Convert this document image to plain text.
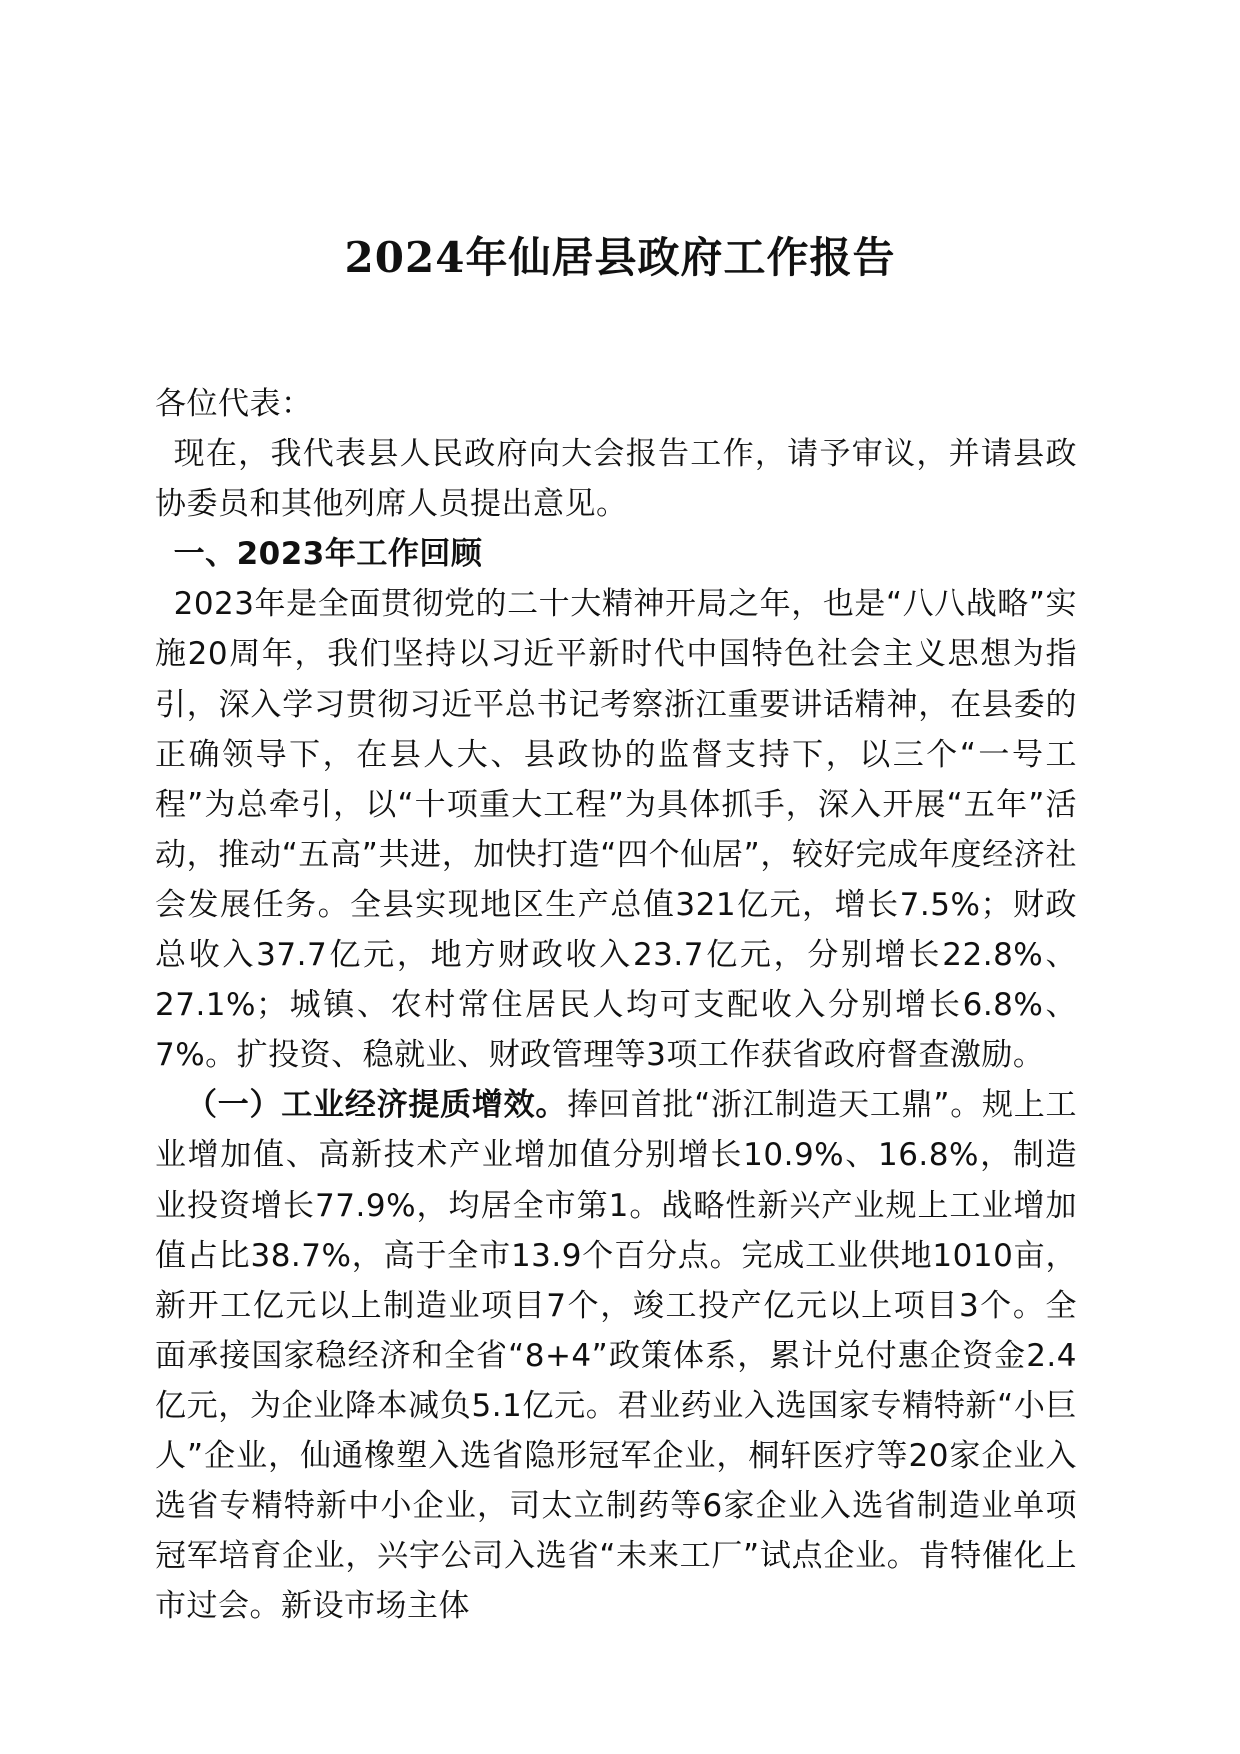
2024年仙居县政府工作报告

各位代表：

现在，我代表县人民政府向大会报告工作，请予审议，并请县政协委员和其他列席人员提出意见。

一、2023年工作回顾

2023年是全面贯彻党的二十大精神开局之年，也是“八八战略”实施20周年，我们坚持以习近平新时代中国特色社会主义思想为指引，深入学习贯彻习近平总书记考察浙江重要讲话精神，在县委的正确领导下，在县人大、县政协的监督支持下，以三个“一号工程”为总牵引，以“十项重大工程”为具体抓手，深入开展“五年”活动，推动“五高”共进，加快打造“四个仙居”，较好完成年度经济社会发展任务。全县实现地区生产总值321亿元，增长7.5%；财政总收入37.7亿元，地方财政收入23.7亿元，分别增长22.8%、27.1%；城镇、农村常住居民人均可支配收入分别增长6.8%、7%。扩投资、稳就业、财政管理等3项工作获省政府督查激励。

（一）工业经济提质增效。捧回首批“浙江制造天工鼎”。规上工业增加值、高新技术产业增加值分别增长10.9%、16.8%，制造业投资增长77.9%，均居全市第1。战略性新兴产业规上工业增加值占比38.7%，高于全市13.9个百分点。完成工业供地1010亩，新开工亿元以上制造业项目7个，竣工投产亿元以上项目3个。全面承接国家稳经济和全省“8+4”政策体系，累计兑付惠企资金2.4亿元，为企业降本减负5.1亿元。君业药业入选国家专精特新“小巨人”企业，仙通橡塑入选省隐形冠军企业，桐轩医疗等20家企业入选省专精特新中小企业，司太立制药等6家企业入选省制造业单项冠军培育企业，兴宇公司入选省“未来工厂”试点企业。肯特催化上市过会。新设市场主体
